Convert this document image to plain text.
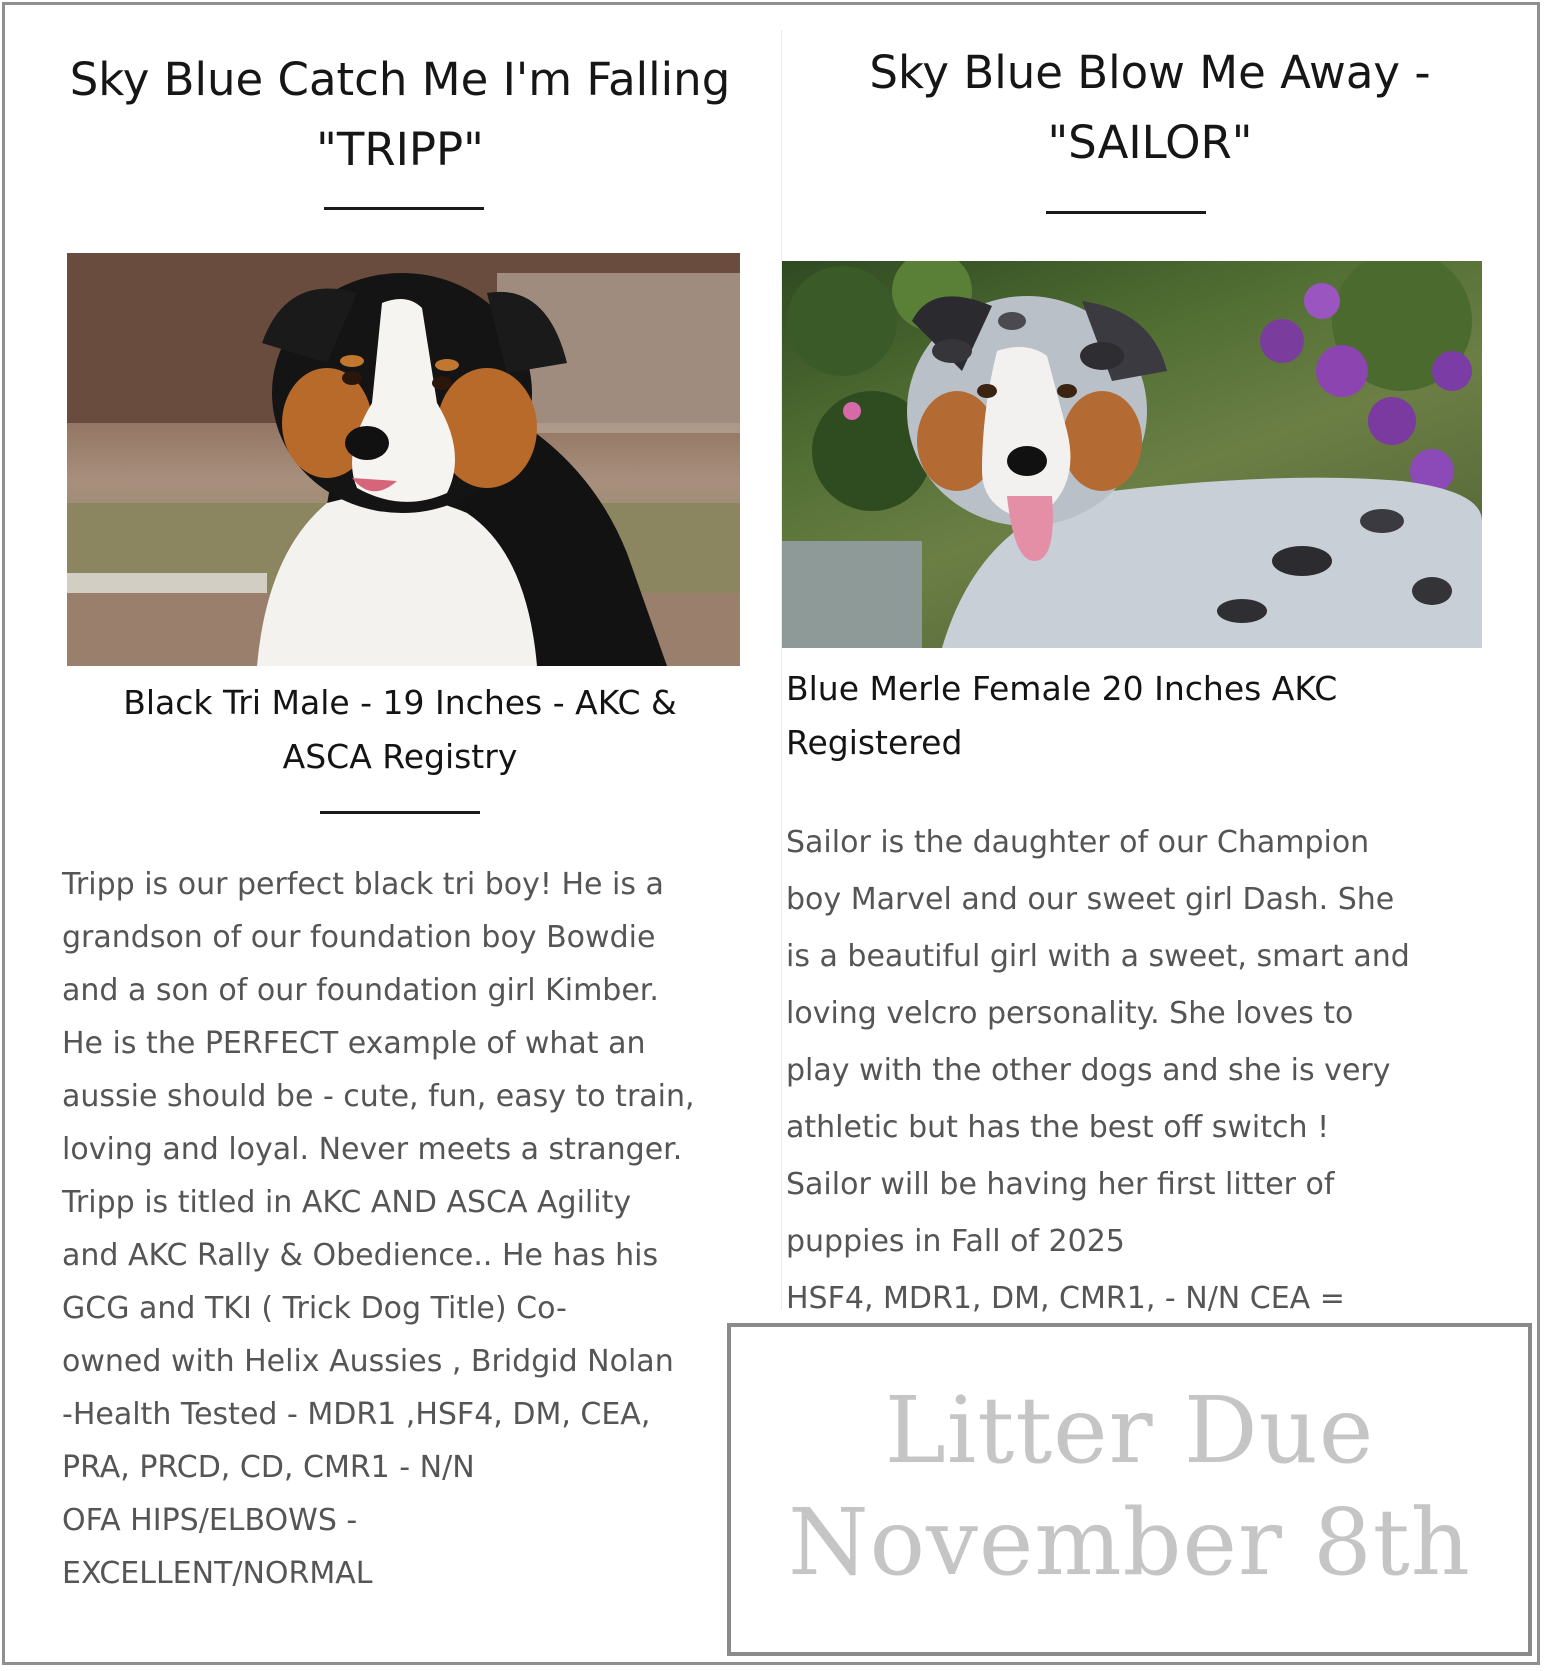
Sky Blue Catch Me I'm Falling
"TRIPP"
Black Tri Male - 19 Inches - AKC &
ASCA Registry
Tripp is our perfect black tri boy! He is a
grandson of our foundation boy Bowdie
and a son of our foundation girl Kimber.
He is the PERFECT example of what an
aussie should be - cute, fun, easy to train,
loving and loyal. Never meets a stranger.
Tripp is titled in AKC AND ASCA Agility
and AKC Rally & Obedience.. He has his
GCG and TKI ( Trick Dog Title) Co-
owned with Helix Aussies , Bridgid Nolan
-Health Tested - MDR1 ,HSF4, DM, CEA,
PRA, PRCD, CD, CMR1 - N/N
OFA HIPS/ELBOWS -
EXCELLENT/NORMAL
Sky Blue Blow Me Away -
"SAILOR"
Blue Merle Female 20 Inches AKC
Registered
Sailor is the daughter of our Champion
boy Marvel and our sweet girl Dash. She
is a beautiful girl with a sweet, smart and
loving velcro personality. She loves to
play with the other dogs and she is very
athletic but has the best off switch !
Sailor will be having her first litter of
puppies in Fall of 2025
HSF4, MDR1, DM, CMR1, - N/N CEA =
Litter Due
November 8th
